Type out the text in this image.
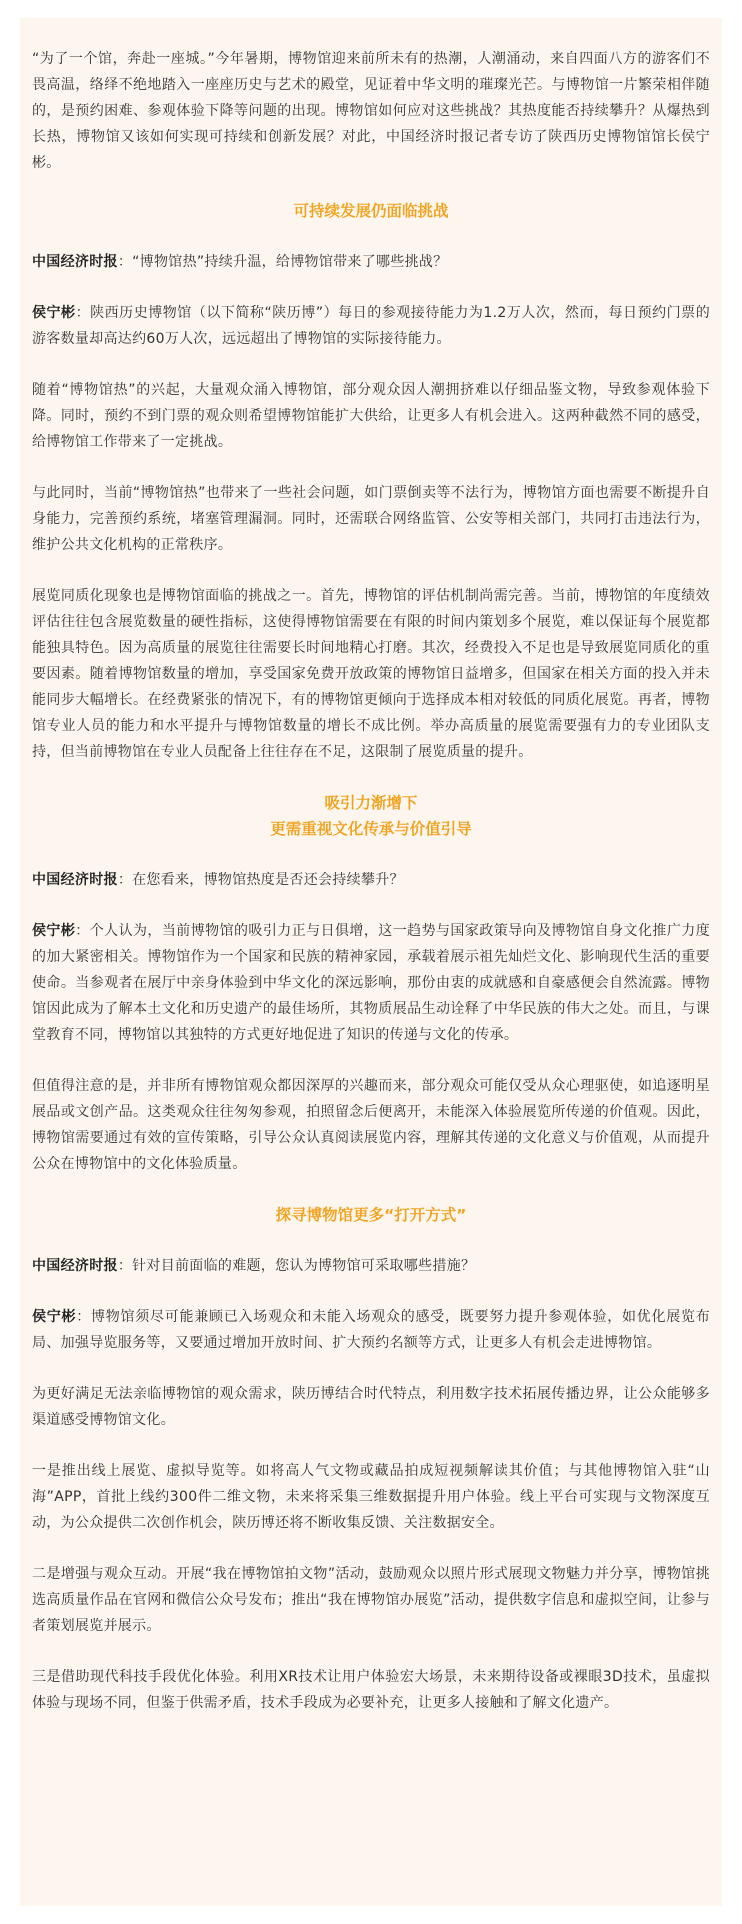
“为了一个馆，奔赴一座城。”今年暑期，博物馆迎来前所未有的热潮，人潮涌动，来自四面八方的游客们不畏高温，络绎不绝地踏入一座座历史与艺术的殿堂，见证着中华文明的璀璨光芒。与博物馆一片繁荣相伴随的，是预约困难、参观体验下降等问题的出现。博物馆如何应对这些挑战？其热度能否持续攀升？从爆热到长热，博物馆又该如何实现可持续和创新发展？对此，中国经济时报记者专访了陕西历史博物馆馆长侯宁彬。

可持续发展仍面临挑战

中国经济时报：“博物馆热”持续升温，给博物馆带来了哪些挑战？

侯宁彬：陕西历史博物馆（以下简称“陕历博”）每日的参观接待能力为1.2万人次，然而，每日预约门票的游客数量却高达约60万人次，远远超出了博物馆的实际接待能力。

随着“博物馆热”的兴起，大量观众涌入博物馆，部分观众因人潮拥挤难以仔细品鉴文物，导致参观体验下降。同时，预约不到门票的观众则希望博物馆能扩大供给，让更多人有机会进入。这两种截然不同的感受，给博物馆工作带来了一定挑战。

与此同时，当前“博物馆热”也带来了一些社会问题，如门票倒卖等不法行为，博物馆方面也需要不断提升自身能力，完善预约系统，堵塞管理漏洞。同时，还需联合网络监管、公安等相关部门，共同打击违法行为，维护公共文化机构的正常秩序。

展览同质化现象也是博物馆面临的挑战之一。首先，博物馆的评估机制尚需完善。当前，博物馆的年度绩效评估往往包含展览数量的硬性指标，这使得博物馆需要在有限的时间内策划多个展览，难以保证每个展览都能独具特色。因为高质量的展览往往需要长时间地精心打磨。其次，经费投入不足也是导致展览同质化的重要因素。随着博物馆数量的增加，享受国家免费开放政策的博物馆日益增多，但国家在相关方面的投入并未能同步大幅增长。在经费紧张的情况下，有的博物馆更倾向于选择成本相对较低的同质化展览。再者，博物馆专业人员的能力和水平提升与博物馆数量的增长不成比例。举办高质量的展览需要强有力的专业团队支持，但当前博物馆在专业人员配备上往往存在不足，这限制了展览质量的提升。

吸引力渐增下
更需重视文化传承与价值引导

中国经济时报：在您看来，博物馆热度是否还会持续攀升？

侯宁彬：个人认为，当前博物馆的吸引力正与日俱增，这一趋势与国家政策导向及博物馆自身文化推广力度的加大紧密相关。博物馆作为一个国家和民族的精神家园，承载着展示祖先灿烂文化、影响现代生活的重要使命。当参观者在展厅中亲身体验到中华文化的深远影响，那份由衷的成就感和自豪感便会自然流露。博物馆因此成为了解本土文化和历史遗产的最佳场所，其物质展品生动诠释了中华民族的伟大之处。而且，与课堂教育不同，博物馆以其独特的方式更好地促进了知识的传递与文化的传承。

但值得注意的是，并非所有博物馆观众都因深厚的兴趣而来，部分观众可能仅受从众心理驱使，如追逐明星展品或文创产品。这类观众往往匆匆参观，拍照留念后便离开，未能深入体验展览所传递的价值观。因此，博物馆需要通过有效的宣传策略，引导公众认真阅读展览内容，理解其传递的文化意义与价值观，从而提升公众在博物馆中的文化体验质量。

探寻博物馆更多“打开方式”

中国经济时报：针对目前面临的难题，您认为博物馆可采取哪些措施？

侯宁彬：博物馆须尽可能兼顾已入场观众和未能入场观众的感受，既要努力提升参观体验，如优化展览布局、加强导览服务等，又要通过增加开放时间、扩大预约名额等方式，让更多人有机会走进博物馆。

为更好满足无法亲临博物馆的观众需求，陕历博结合时代特点，利用数字技术拓展传播边界，让公众能够多渠道感受博物馆文化。

一是推出线上展览、虚拟导览等。如将高人气文物或藏品拍成短视频解读其价值；与其他博物馆入驻“山海”APP，首批上线约300件二维文物，未来将采集三维数据提升用户体验。线上平台可实现与文物深度互动，为公众提供二次创作机会，陕历博还将不断收集反馈、关注数据安全。

二是增强与观众互动。开展“我在博物馆拍文物”活动，鼓励观众以照片形式展现文物魅力并分享，博物馆挑选高质量作品在官网和微信公众号发布；推出“我在博物馆办展览”活动，提供数字信息和虚拟空间，让参与者策划展览并展示。

三是借助现代科技手段优化体验。利用XR技术让用户体验宏大场景，未来期待设备或裸眼3D技术，虽虚拟体验与现场不同，但鉴于供需矛盾，技术手段成为必要补充，让更多人接触和了解文化遗产。
